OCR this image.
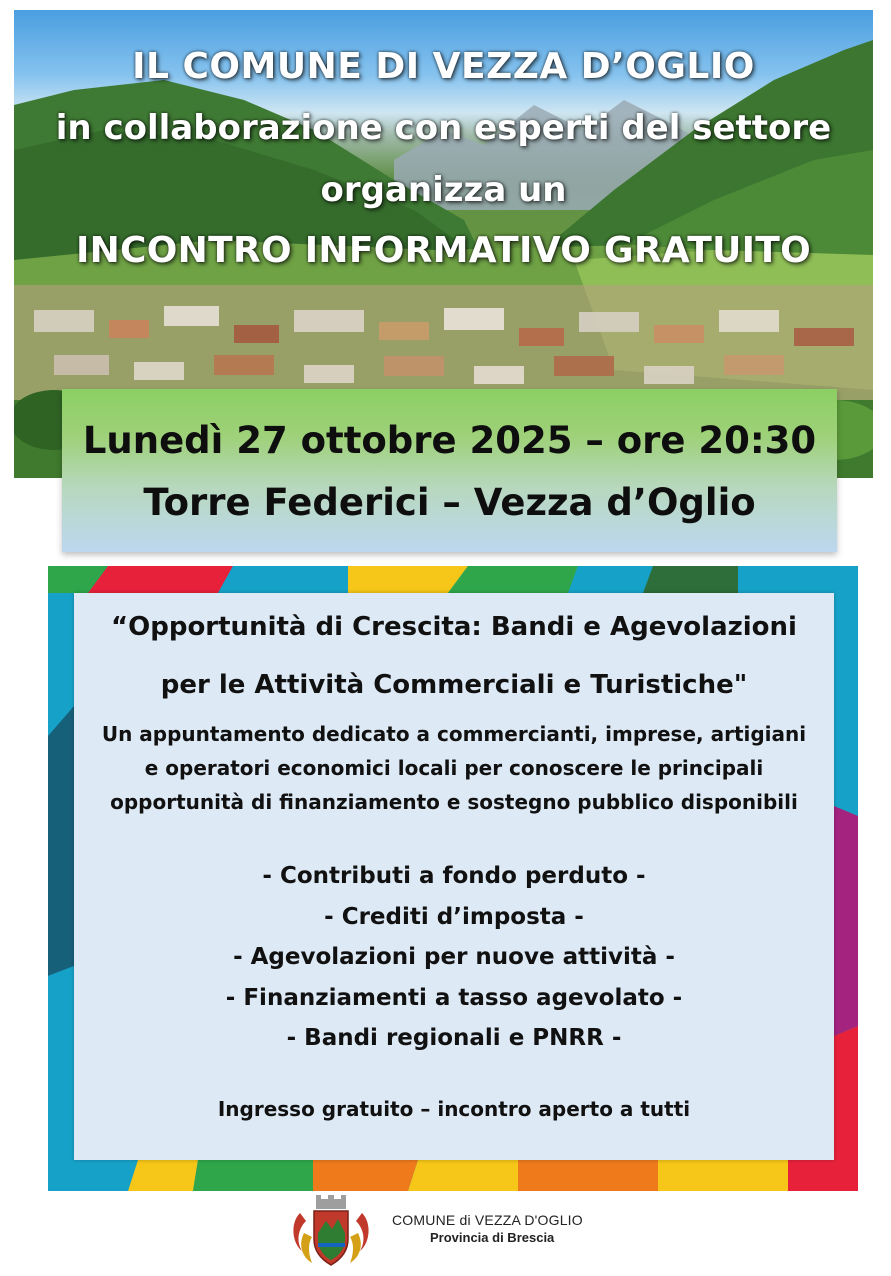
IL COMUNE DI VEZZA D’OGLIO
in collaborazione con esperti del settore
organizza un
INCONTRO INFORMATIVO GRATUITO
Lunedì 27 ottobre 2025 – ore 20:30
Torre Federici – Vezza d’Oglio
“Opportunità di Crescita: Bandi e Agevolazioni
per le Attività Commerciali e Turistiche"
Un appuntamento dedicato a commercianti, imprese, artigiani
e operatori economici locali per conoscere le principali
opportunità di finanziamento e sostegno pubblico disponibili
- Contributi a fondo perduto -
- Crediti d’imposta -
- Agevolazioni per nuove attività -
- Finanziamenti a tasso agevolato -
- Bandi regionali e PNRR -
Ingresso gratuito – incontro aperto a tutti
COMUNE di VEZZA D'OGLIO
Provincia di Brescia
